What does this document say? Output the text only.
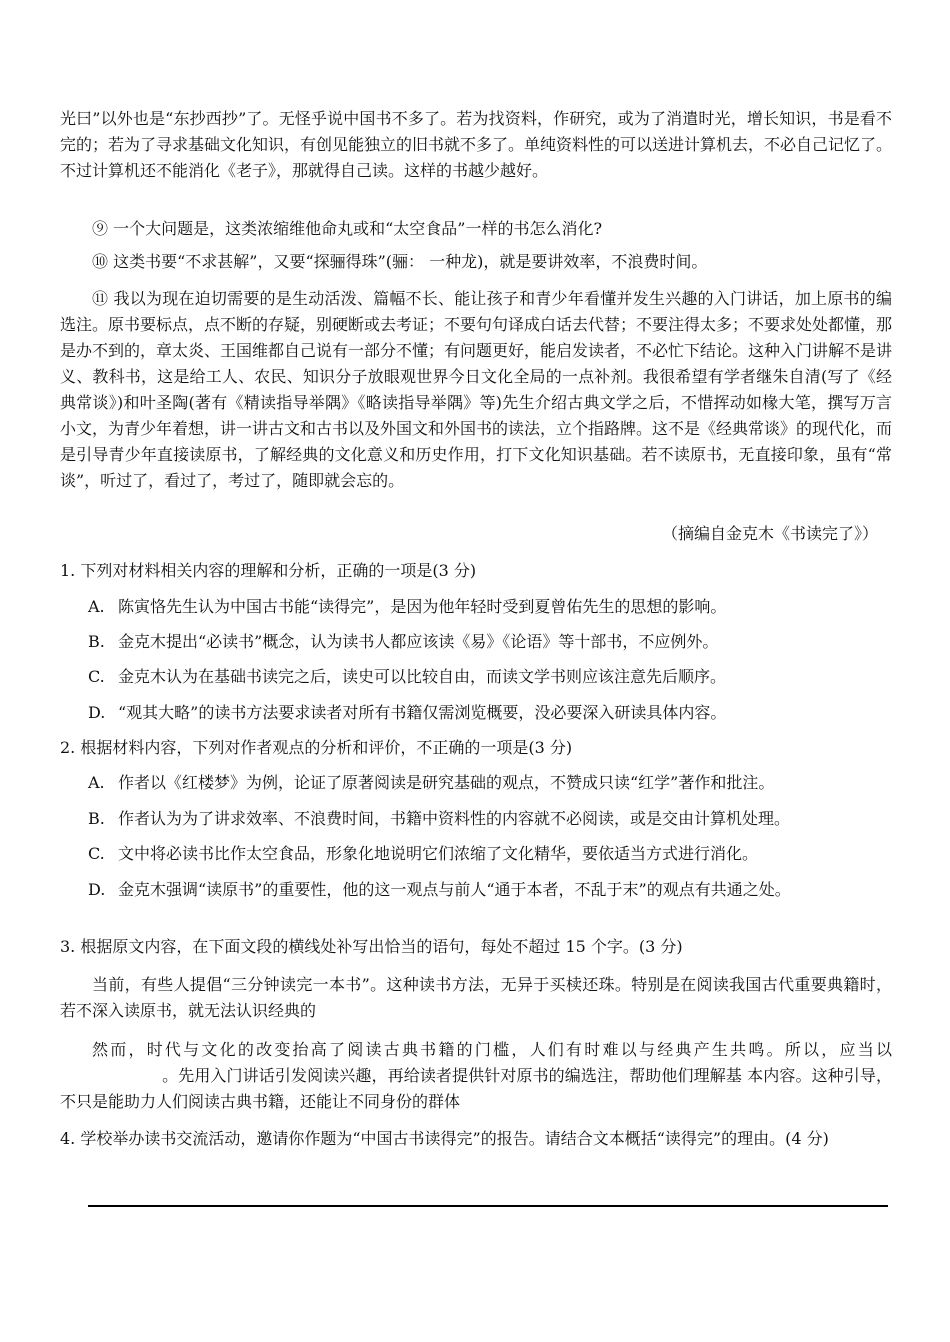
光曰”以外也是“东抄西抄”了。无怪乎说中国书不多了。若为找资料，作研究，或为了消遣时光，增长知识，书是看不完的；若为了寻求基础文化知识，有创见能独立的旧书就不多了。单纯资料性的可以送进计算机去，不必自己记忆了。不过计算机还不能消化《老子》，那就得自己读。这样的书越少越好。

⑨ 一个大问题是，这类浓缩维他命丸或和“太空食品”一样的书怎么消化?

⑩ 这类书要“不求甚解”，又要“探骊得珠”(骊： 一种龙)，就是要讲效率，不浪费时间。

⑪ 我以为现在迫切需要的是生动活泼、篇幅不长、能让孩子和青少年看懂并发生兴趣的入门讲话，加上原书的编选注。原书要标点，点不断的存疑，别硬断或去考证；不要句句译成白话去代替；不要注得太多；不要求处处都懂，那是办不到的，章太炎、王国维都自己说有一部分不懂；有问题更好，能启发读者，不必忙下结论。这种入门讲解不是讲义、教科书，这是给工人、农民、知识分子放眼观世界今日文化全局的一点补剂。我很希望有学者继朱自清(写了《经典常谈》)和叶圣陶(著有《精读指导举隅》《略读指导举隅》等)先生介绍古典文学之后，不惜挥动如椽大笔，撰写万言小文，为青少年着想，讲一讲古文和古书以及外国文和外国书的读法，立个指路牌。这不是《经典常谈》的现代化，而是引导青少年直接读原书，了解经典的文化意义和历史作用，打下文化知识基础。若不读原书，无直接印象，虽有“常谈”，听过了，看过了，考过了，随即就会忘的。

（摘编自金克木《书读完了》）

1. 下列对材料相关内容的理解和分析，正确的一项是(3 分)

A. 陈寅恪先生认为中国古书能“读得完”，是因为他年轻时受到夏曾佑先生的思想的影响。

B. 金克木提出“必读书”概念，认为读书人都应该读《易》《论语》等十部书，不应例外。

C. 金克木认为在基础书读完之后，读史可以比较自由，而读文学书则应该注意先后顺序。

D. “观其大略”的读书方法要求读者对所有书籍仅需浏览概要，没必要深入研读具体内容。

2. 根据材料内容，下列对作者观点的分析和评价，不正确的一项是(3 分)

A. 作者以《红楼梦》为例，论证了原著阅读是研究基础的观点，不赞成只读“红学”著作和批注。

B. 作者认为为了讲求效率、不浪费时间，书籍中资料性的内容就不必阅读，或是交由计算机处理。

C. 文中将必读书比作太空食品，形象化地说明它们浓缩了文化精华，要依适当方式进行消化。

D. 金克木强调“读原书”的重要性，他的这一观点与前人“通于本者，不乱于末”的观点有共通之处。

3. 根据原文内容，在下面文段的横线处补写出恰当的语句，每处不超过 15 个字。(3 分)

当前，有些人提倡“三分钟读完一本书”。这种读书方法，无异于买椟还珠。特别是在阅读我国古代重要典籍时，若不深入读原书，就无法认识经典的

然而，时代与文化的改变抬高了阅读古典书籍的门槛，人们有时难以与经典产生共鸣。所以，应当以。先用入门讲话引发阅读兴趣，再给读者提供针对原书的编选注，帮助他们理解基 本内容。这种引导，不只是能助力人们阅读古典书籍，还能让不同身份的群体

4. 学校举办读书交流活动，邀请你作题为“中国古书读得完”的报告。请结合文本概括“读得完”的理由。(4 分)
